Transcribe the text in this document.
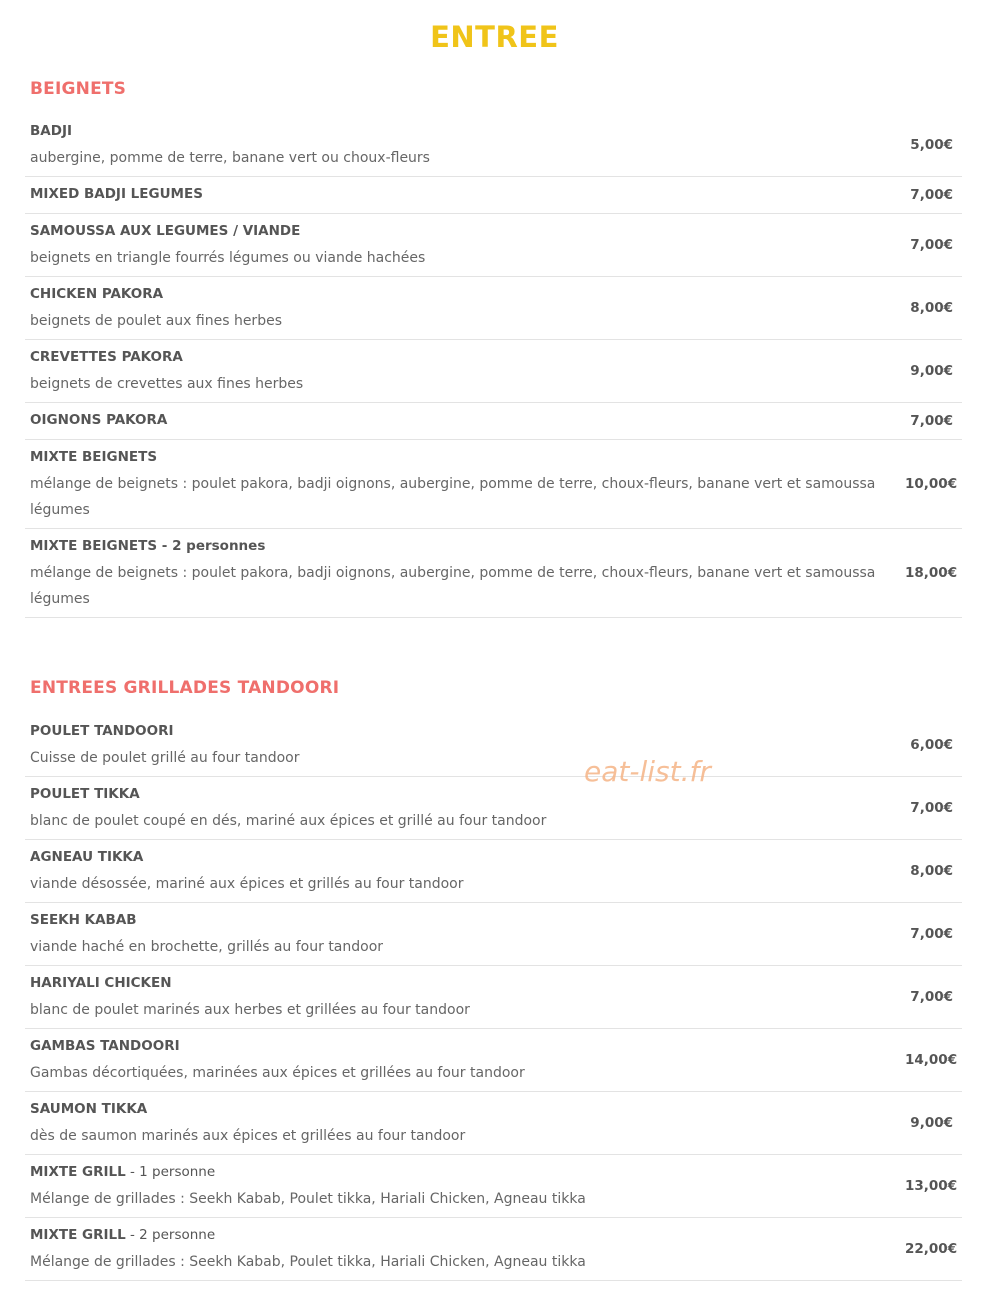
ENTREE
BEIGNETS
BADJI
aubergine, pomme de terre, banane vert ou choux-fleurs
5,00€
MIXED BADJI LEGUMES	7,00€
SAMOUSSA AUX LEGUMES / VIANDE
beignets en triangle fourrés légumes ou viande hachées
7,00€
CHICKEN PAKORA
beignets de poulet aux fines herbes
8,00€
CREVETTES PAKORA
beignets de crevettes aux fines herbes
9,00€
OIGNONS PAKORA	7,00€
MIXTE BEIGNETS
mélange de beignets : poulet pakora, badji oignons, aubergine, pomme de terre, choux-fleurs, banane vert et samoussa légumes
10,00€
MIXTE BEIGNETS - 2 personnes
mélange de beignets : poulet pakora, badji oignons, aubergine, pomme de terre, choux-fleurs, banane vert et samoussa légumes
18,00€
ENTREES GRILLADES TANDOORI
POULET TANDOORI
Cuisse de poulet grillé au four tandoor
6,00€
POULET TIKKA
blanc de poulet coupé en dés, mariné aux épices et grillé au four tandoor
7,00€
AGNEAU TIKKA
viande désossée, mariné aux épices et grillés au four tandoor
8,00€
SEEKH KABAB
viande haché en brochette, grillés au four tandoor
7,00€
HARIYALI CHICKEN
blanc de poulet marinés aux herbes et grillées au four tandoor
7,00€
GAMBAS TANDOORI
Gambas décortiquées, marinées aux épices et grillées au four tandoor
14,00€
SAUMON TIKKA
dès de saumon marinés aux épices et grillées au four tandoor
9,00€
MIXTE GRILL - 1 personne
Mélange de grillades : Seekh Kabab, Poulet tikka, Hariali Chicken, Agneau tikka
13,00€
MIXTE GRILL - 2 personne
Mélange de grillades : Seekh Kabab, Poulet tikka, Hariali Chicken, Agneau tikka
22,00€
eat-list.fr
